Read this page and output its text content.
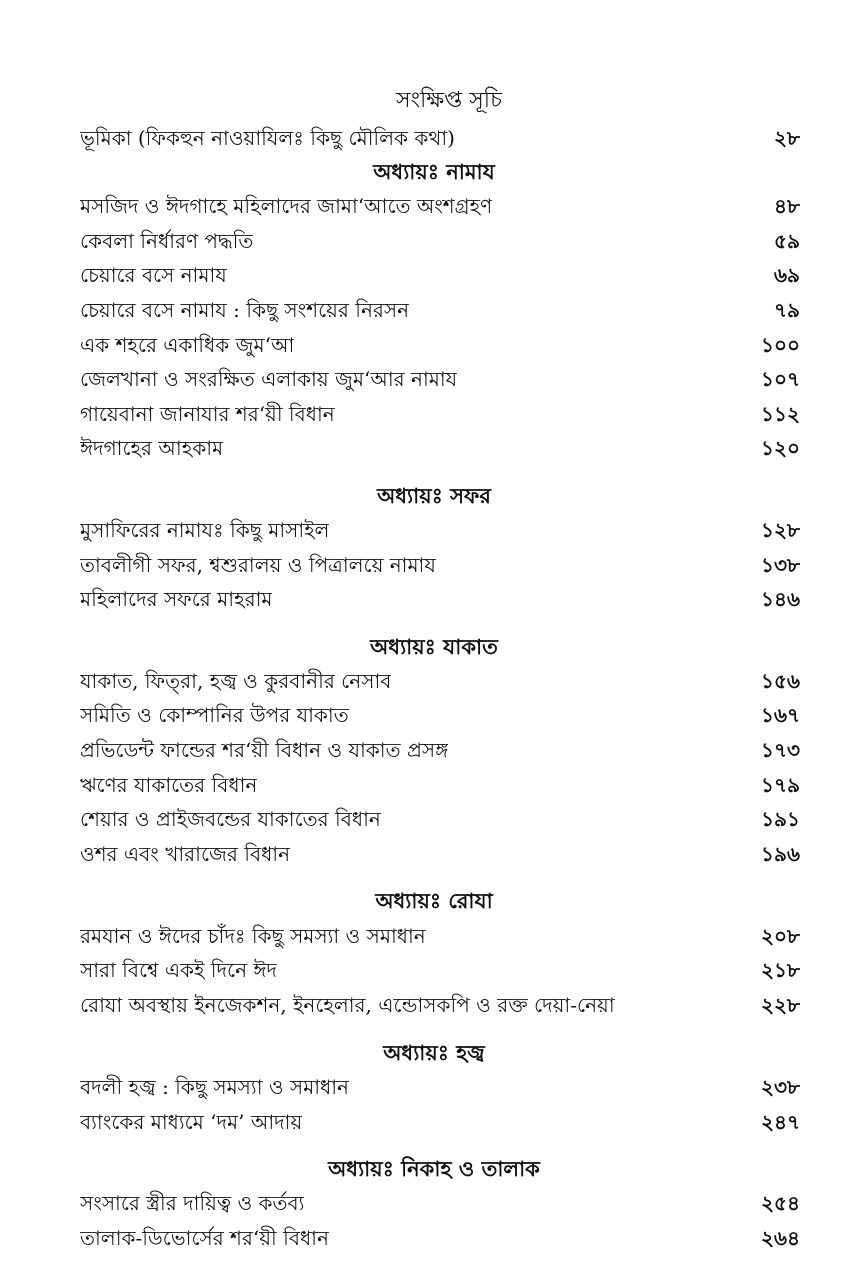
সংক্ষিপ্ত সূচি
ভূমিকা (ফিকহুন নাওয়াযিলঃ কিছু মৌলিক কথা)	২৮
অধ্যায়ঃ নামায
মসজিদ ও ঈদগাহে মহিলাদের জামা‘আতে অংশগ্রহণ	৪৮
কেবলা নির্ধারণ পদ্ধতি	৫৯
চেয়ারে বসে নামায	৬৯
চেয়ারে বসে নামায : কিছু সংশয়ের নিরসন	৭৯
এক শহরে একাধিক জুম‘আ	১০০
জেলখানা ও সংরক্ষিত এলাকায় জুম‘আর নামায	১০৭
গায়েবানা জানাযার শর‘য়ী বিধান	১১২
ঈদগাহের আহকাম	১২০
অধ্যায়ঃ সফর
মুসাফিরের নামাযঃ কিছু মাসাইল	১২৮
তাবলীগী সফর, শ্বশুরালয় ও পিত্রালয়ে নামায	১৩৮
মহিলাদের সফরে মাহরাম	১৪৬
অধ্যায়ঃ যাকাত
যাকাত, ফিত্‌রা, হজ্ব ও কুরবানীর নেসাব	১৫৬
সমিতি ও কোম্পানির উপর যাকাত	১৬৭
প্রভিডেন্ট ফান্ডের শর‘য়ী বিধান ও যাকাত প্রসঙ্গ	১৭৩
ঋণের যাকাতের বিধান	১৭৯
শেয়ার ও প্রাইজবন্ডের যাকাতের বিধান	১৯১
ওশর এবং খারাজের বিধান	১৯৬
অধ্যায়ঃ রোযা
রমযান ও ঈদের চাঁদঃ কিছু সমস্যা ও সমাধান	২০৮
সারা বিশ্বে একই দিনে ঈদ	২১৮
রোযা অবস্থায় ইনজেকশন, ইনহেলার, এন্ডোসকপি ও রক্ত দেয়া-নেয়া	২২৮
অধ্যায়ঃ হজ্ব
বদলী হজ্ব : কিছু সমস্যা ও সমাধান	২৩৮
ব্যাংকের মাধ্যমে ‘দম’ আদায়	২৪৭
অধ্যায়ঃ নিকাহ ও তালাক
সংসারে স্ত্রীর দায়িত্ব ও কর্তব্য	২৫৪
তালাক-ডিভোর্সের শর‘য়ী বিধান	২৬৪
